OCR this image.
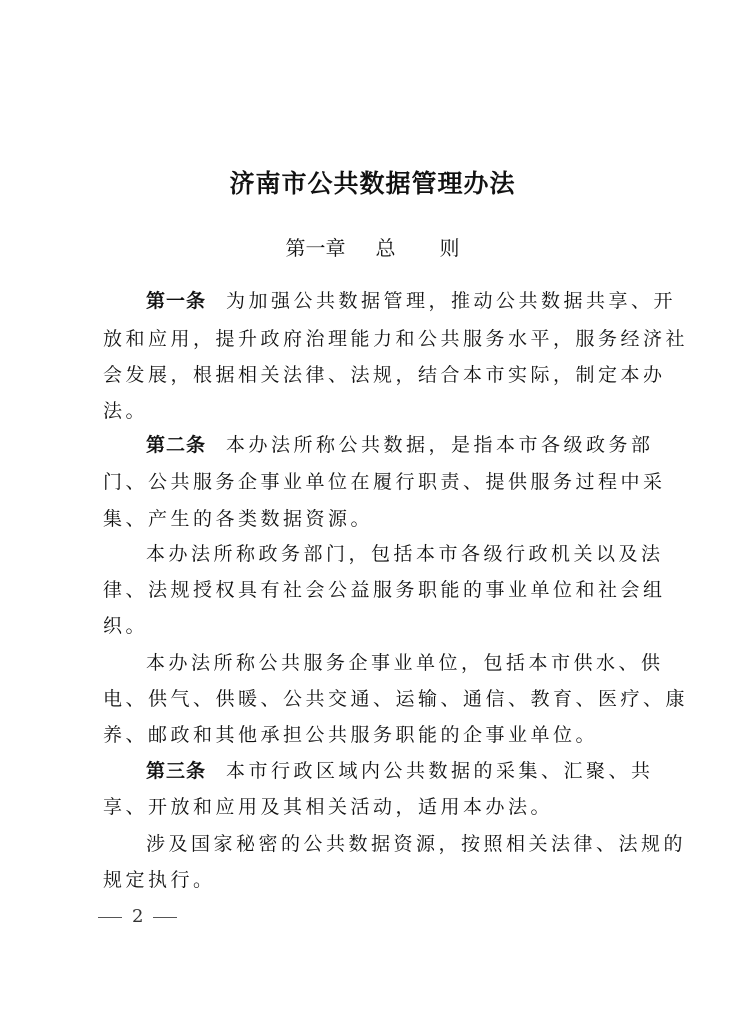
济南市公共数据管理办法
第一章 总 则
第一条 为加强公共数据管理，推动公共数据共享、开
放和应用，提升政府治理能力和公共服务水平，服务经济社
会发展，根据相关法律、法规，结合本市实际，制定本办
法。
第二条 本办法所称公共数据，是指本市各级政务部
门、公共服务企事业单位在履行职责、提供服务过程中采
集、产生的各类数据资源。
本办法所称政务部门，包括本市各级行政机关以及法
律、法规授权具有社会公益服务职能的事业单位和社会组
织。
本办法所称公共服务企事业单位，包括本市供水、供
电、供气、供暖、公共交通、运输、通信、教育、医疗、康
养、邮政和其他承担公共服务职能的企事业单位。
第三条 本市行政区域内公共数据的采集、汇聚、共
享、开放和应用及其相关活动，适用本办法。
涉及国家秘密的公共数据资源，按照相关法律、法规的
规定执行。
2
